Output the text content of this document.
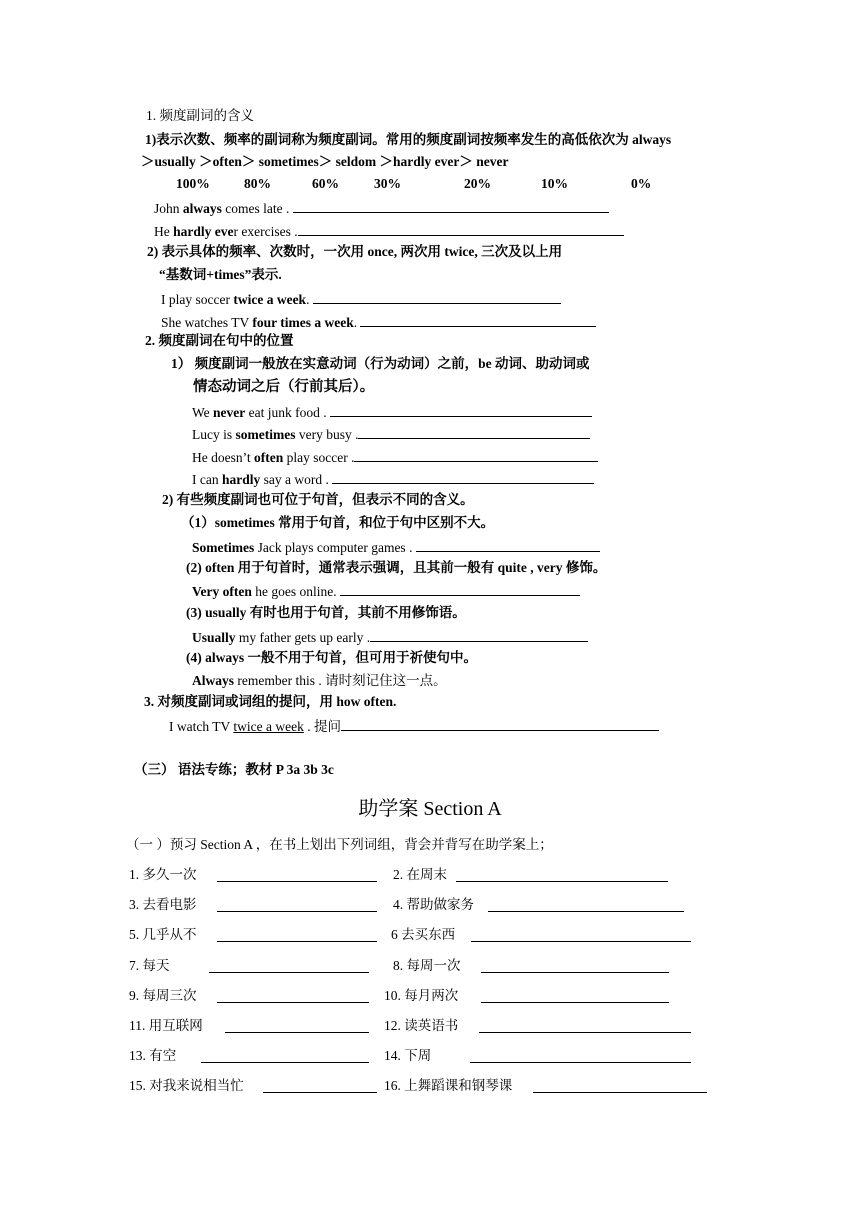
1. 频度副词的含义
1)表示次数、频率的副词称为频度副词。常用的频度副词按频率发生的高低依次为 always
＞usually ＞often＞ sometimes＞ seldom ＞hardly ever＞ never
100%	80%	60%	30%	20%	10%	0%
John always comes late .
He hardly ever exercises .
2) 表示具体的频率、次数时，一次用 once, 两次用 twice, 三次及以上用
“基数词+times”表示.
I play soccer twice a week.
She watches TV four times a week.
2. 频度副词在句中的位置
1） 频度副词一般放在实意动词（行为动词）之前，be 动词、助动词或
情态动词之后（行前其后）。
We never eat junk food .
Lucy is sometimes very busy .
He doesn’t often play soccer .
I can hardly say a word .
2) 有些频度副词也可位于句首，但表示不同的含义。
（1）sometimes 常用于句首，和位于句中区别不大。
Sometimes Jack plays computer games .
(2) often 用于句首时，通常表示强调，且其前一般有 quite , very 修饰。
Very often he goes online.
(3) usually 有时也用于句首，其前不用修饰语。
Usually my father gets up early .
(4) always 一般不用于句首，但可用于祈使句中。
Always remember this . 请时刻记住这一点。
3. 对频度副词或词组的提问，用 how often.
I watch TV twice a week . 提问
（三） 语法专练；教材 P 3a 3b 3c
助学案 Section A
（一 ）预习 Section A ，在书上划出下列词组，背会并背写在助学案上；
1. 多久一次	2. 在周末
3. 去看电影	4. 帮助做家务
5. 几乎从不	6 去买东西
7. 每天	8. 每周一次
9. 每周三次	10. 每月两次
11. 用互联网	12. 读英语书
13. 有空	14. 下周
15. 对我来说相当忙	16. 上舞蹈课和钢琴课
